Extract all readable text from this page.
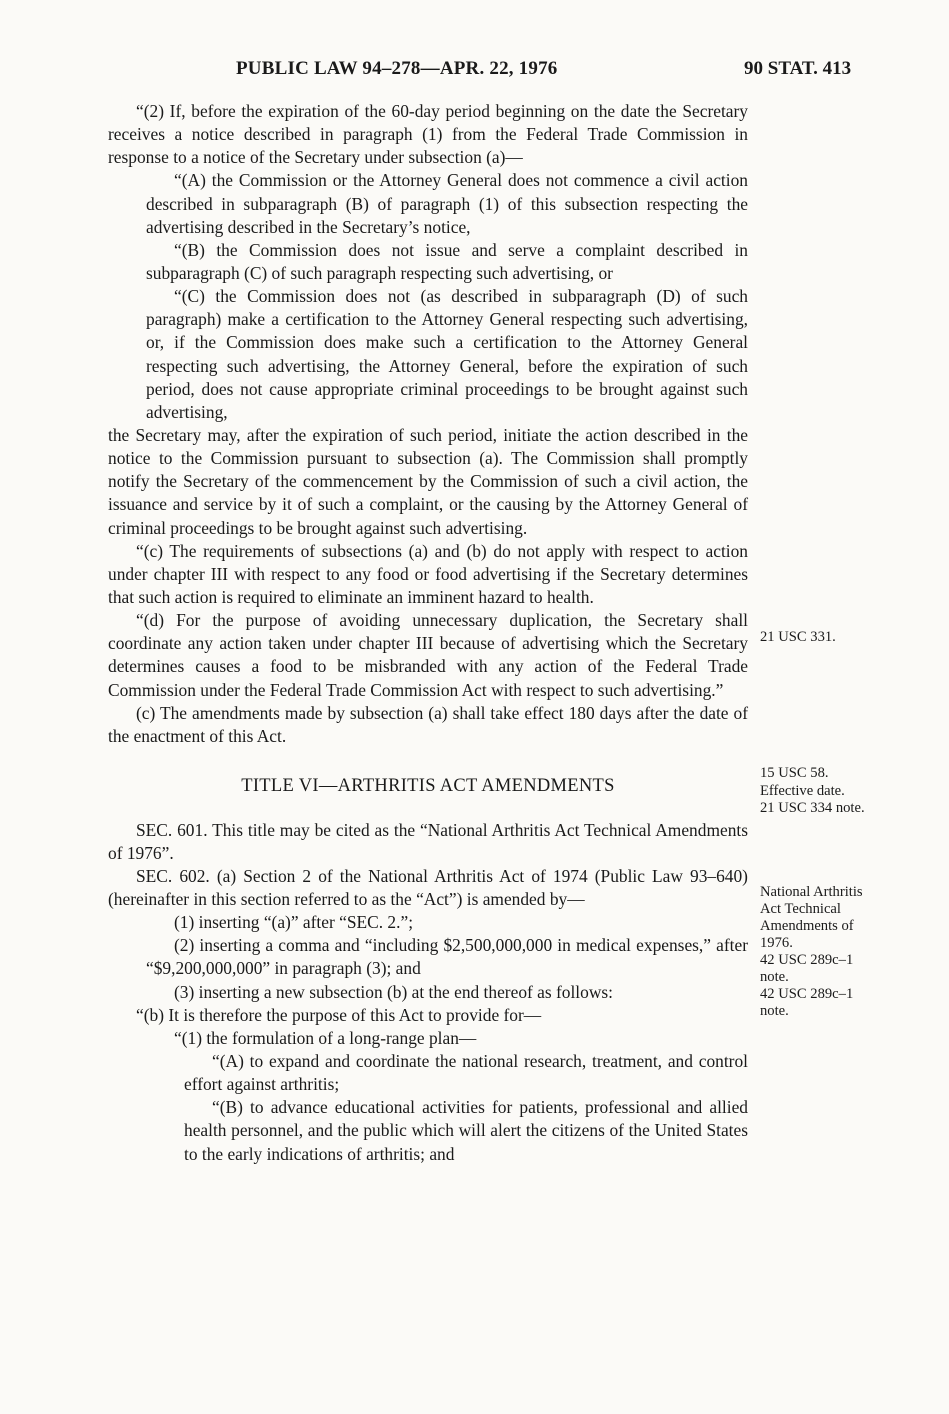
PUBLIC LAW 94–278—APR. 22, 1976	90 STAT. 413

“(2) If, before the expiration of the 60-day period beginning on the date the Secretary receives a notice described in paragraph (1) from the Federal Trade Commission in response to a notice of the Secretary under subsection (a)—

“(A) the Commission or the Attorney General does not commence a civil action described in subparagraph (B) of paragraph (1) of this subsection respecting the advertising described in the Secretary’s notice,

“(B) the Commission does not issue and serve a complaint described in subparagraph (C) of such paragraph respecting such advertising, or

“(C) the Commission does not (as described in subparagraph (D) of such paragraph) make a certification to the Attorney General respecting such advertising, or, if the Commission does make such a certification to the Attorney General respecting such advertising, the Attorney General, before the expiration of such period, does not cause appropriate criminal proceedings to be brought against such advertising,

the Secretary may, after the expiration of such period, initiate the action described in the notice to the Commission pursuant to subsection (a). The Commission shall promptly notify the Secretary of the commencement by the Commission of such a civil action, the issuance and service by it of such a complaint, or the causing by the Attorney General of criminal proceedings to be brought against such advertising.

“(c) The requirements of subsections (a) and (b) do not apply with respect to action under chapter III with respect to any food or food advertising if the Secretary determines that such action is required to eliminate an imminent hazard to health.

“(d) For the purpose of avoiding unnecessary duplication, the Secretary shall coordinate any action taken under chapter III because of advertising which the Secretary determines causes a food to be misbranded with any action of the Federal Trade Commission under the Federal Trade Commission Act with respect to such advertising.”

(c) The amendments made by subsection (a) shall take effect 180 days after the date of the enactment of this Act.

TITLE VI—ARTHRITIS ACT AMENDMENTS

SEC. 601. This title may be cited as the “National Arthritis Act Technical Amendments of 1976”.

SEC. 602. (a) Section 2 of the National Arthritis Act of 1974 (Public Law 93–640) (hereinafter in this section referred to as the “Act”) is amended by—

(1) inserting “(a)” after “SEC. 2.”;

(2) inserting a comma and “including $2,500,000,000 in medical expenses,” after “$9,200,000,000” in paragraph (3); and

(3) inserting a new subsection (b) at the end thereof as follows:

“(b) It is therefore the purpose of this Act to provide for—

“(1) the formulation of a long-range plan—

“(A) to expand and coordinate the national research, treatment, and control effort against arthritis;

“(B) to advance educational activities for patients, professional and allied health personnel, and the public which will alert the citizens of the United States to the early indications of arthritis; and

21 USC 331.
15 USC 58.
Effective date.
21 USC 334 note.
National Arthritis
Act Technical
Amendments of
1976.
42 USC 289c–1
note.
42 USC 289c–1
note.
